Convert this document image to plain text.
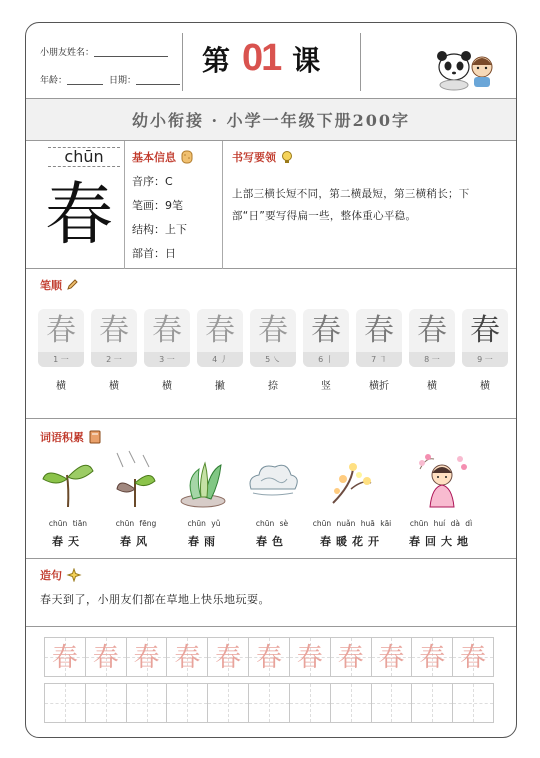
小朋友姓名：
年龄：	日期：
第 01 课
幼小衔接 · 小学一年级下册200字
chūn
春
基本信息
音序：C
笔画：9笔
结构：上下
部首：日
书写要领

上部三横长短不同，第二横最短，第三横稍长；下部“日”要写得扁一些，整体重心平稳。

笔顺
春
1 一
横
春
2 一
横
春
3 一
横
春
4 丿
撇
春
5 ㇏
捺
春
6 丨
竖
春
7 ㇕
横折
春
8 一
横
春
9 一
横
词语积累
chūn tiān
春天
chūn fēng
春风
chūn yǔ
春雨
chūn sè
春色
chūn nuǎn huā kāi
春暖花开
chūn huí dà dì
春回大地
造句

春天到了，小朋友们都在草地上快乐地玩耍。

春 春 春 春 春 春 春 春 春 春 春
